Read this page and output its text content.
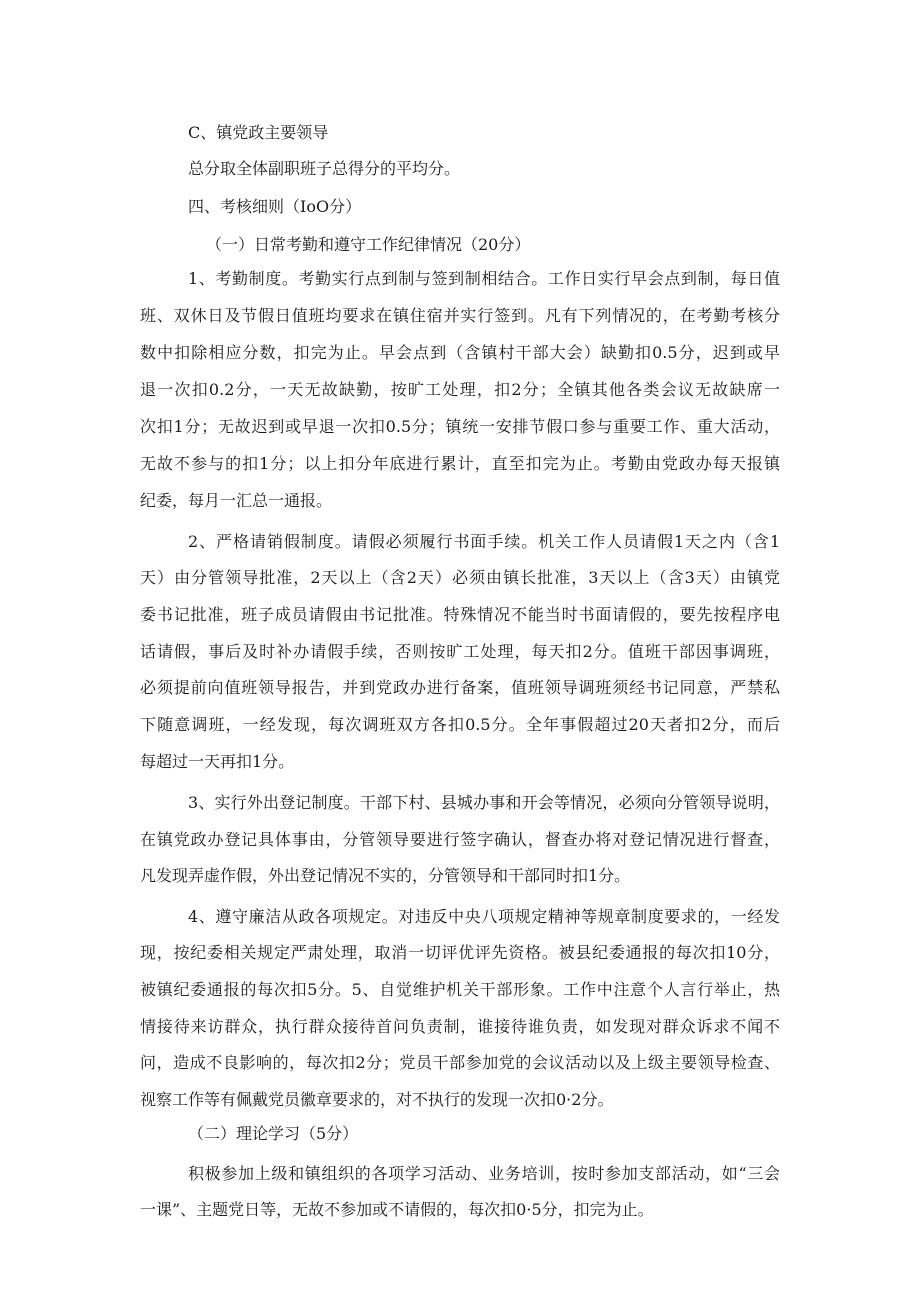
C、镇党政主要领导

总分取全体副职班子总得分的平均分。

四、考核细则（IoO分）

（一）日常考勤和遵守工作纪律情况（20分）

1、考勤制度。考勤实行点到制与签到制相结合。工作日实行早会点到制，每日值

班、双休日及节假日值班均要求在镇住宿并实行签到。凡有下列情况的，在考勤考核分

数中扣除相应分数，扣完为止。早会点到（含镇村干部大会）缺勤扣0.5分，迟到或早

退一次扣0.2分，一天无故缺勤，按旷工处理，扣2分；全镇其他各类会议无故缺席一

次扣1分；无故迟到或早退一次扣0.5分；镇统一安排节假口参与重要工作、重大活动，

无故不参与的扣1分；以上扣分年底进行累计，直至扣完为止。考勤由党政办每天报镇

纪委，每月一汇总一通报。

2、严格请销假制度。请假必须履行书面手续。机关工作人员请假1天之内（含1

天）由分管领导批准，2天以上（含2天）必须由镇长批准，3天以上（含3天）由镇党

委书记批准，班子成员请假由书记批准。特殊情况不能当时书面请假的，要先按程序电

话请假，事后及时补办请假手续，否则按旷工处理，每天扣2分。值班干部因事调班，

必须提前向值班领导报告，并到党政办进行备案，值班领导调班须经书记同意，严禁私

下随意调班，一经发现，每次调班双方各扣0.5分。全年事假超过20天者扣2分，而后

每超过一天再扣1分。

3、实行外出登记制度。干部下村、县城办事和开会等情况，必须向分管领导说明，

在镇党政办登记具体事由，分管领导要进行签字确认，督查办将对登记情况进行督查，

凡发现弄虚作假，外出登记情况不实的，分管领导和干部同时扣1分。

4、遵守廉洁从政各项规定。对违反中央八项规定精神等规章制度要求的，一经发

现，按纪委相关规定严肃处理，取消一切评优评先资格。被县纪委通报的每次扣10分，

被镇纪委通报的每次扣5分。5、自觉维护机关干部形象。工作中注意个人言行举止，热

情接待来访群众，执行群众接待首问负责制，谁接待谁负责，如发现对群众诉求不闻不

问，造成不良影响的，每次扣2分；党员干部参加党的会议活动以及上级主要领导检查、

视察工作等有佩戴党员徽章要求的，对不执行的发现一次扣0·2分。

（二）理论学习（5分）

积极参加上级和镇组织的各项学习活动、业务培训，按时参加支部活动，如“三会

一课”、主题党日等，无故不参加或不请假的，每次扣0·5分，扣完为止。
